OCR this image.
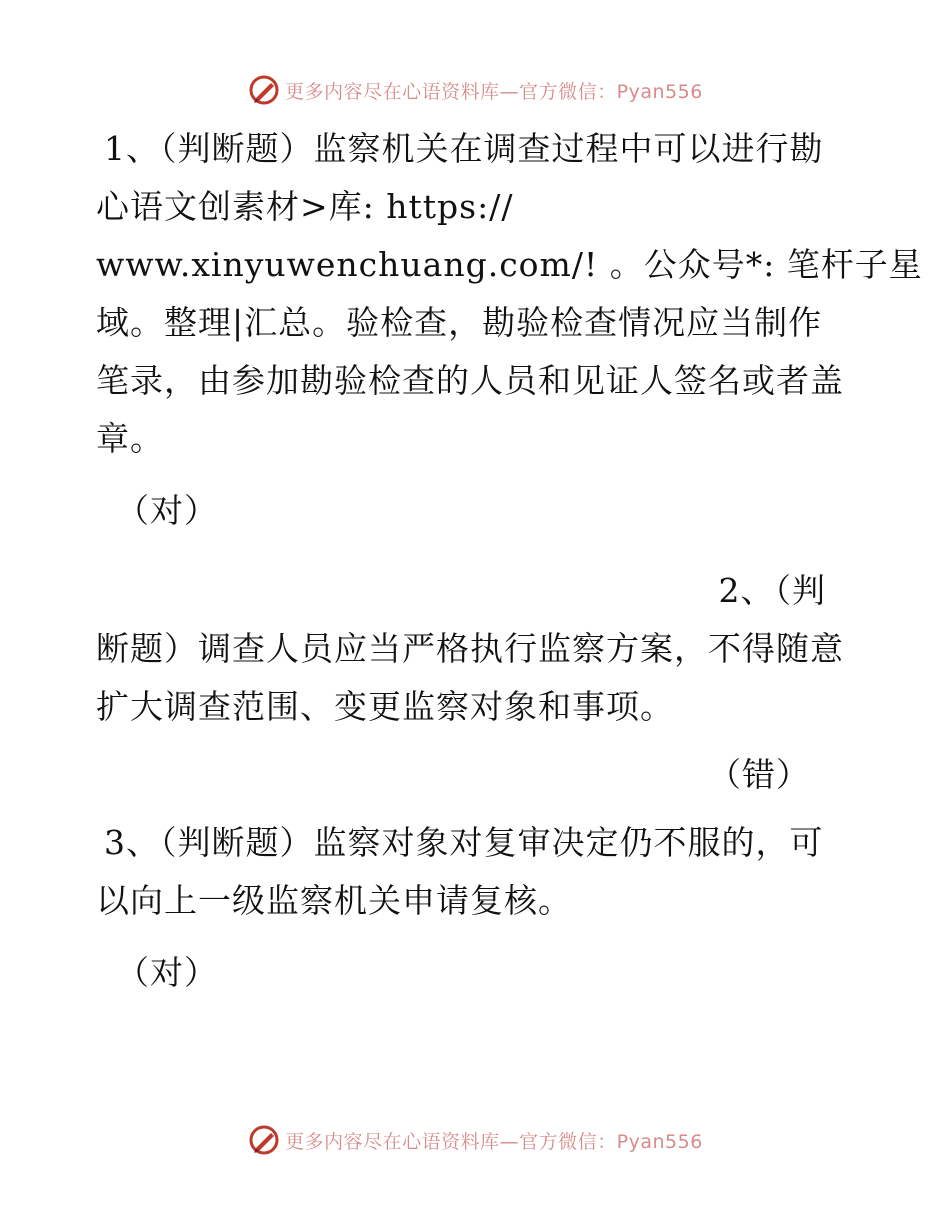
更多内容尽在心语资料库—官方微信：Pyan556
1、（判断题）监察机关在调查过程中可以进行勘
心语文创素材>库: https://
www.xinyuwenchuang.com/! 。公众号*: 笔杆子星
域。整理|汇总。验检查，勘验检查情况应当制作
笔录，由参加勘验检查的人员和见证人签名或者盖
章。
（对）
2、（判
断题）调查人员应当严格执行监察方案，不得随意
扩大调查范围、变更监察对象和事项。
（错）
3、（判断题）监察对象对复审决定仍不服的，可
以向上一级监察机关申请复核。
（对）
更多内容尽在心语资料库—官方微信：Pyan556
